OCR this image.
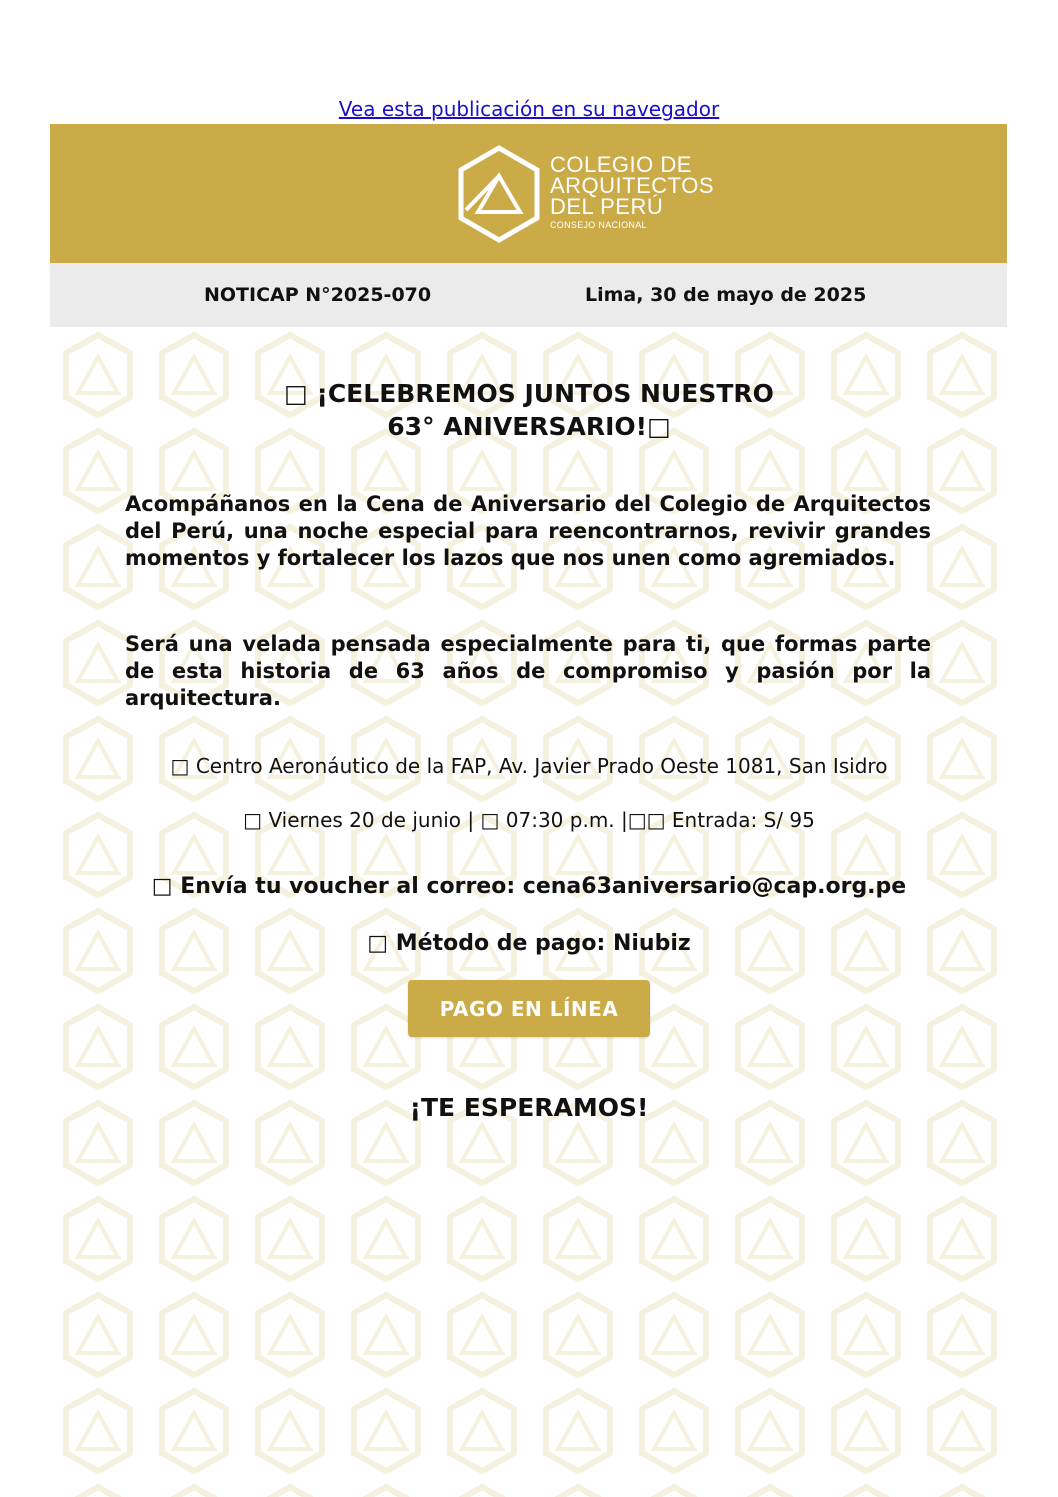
Vea esta publicación en su navegador
COLEGIO DE
ARQUITECTOS
DEL PERÚ
CONSEJO NACIONAL
NOTICAP N°2025-070	Lima, 30 de mayo de 2025
□ ¡CELEBREMOS JUNTOS NUESTRO
63° ANIVERSARIO!□
Acompáñanos en la Cena de Aniversario del Colegio de Arquitectos del Perú, una noche especial para reencontrarnos, revivir grandes momentos y fortalecer los lazos que nos unen como agremiados.
Será una velada pensada especialmente para ti, que formas parte de esta historia de 63 años de compromiso y pasión por la arquitectura.
□ Centro Aeronáutico de la FAP, Av. Javier Prado Oeste 1081, San Isidro
□ Viernes 20 de junio | □ 07:30 p.m. |□□ Entrada: S/ 95
□ Envía tu voucher al correo: cena63aniversario@cap.org.pe
□ Método de pago: Niubiz
PAGO EN LÍNEA
¡TE ESPERAMOS!
